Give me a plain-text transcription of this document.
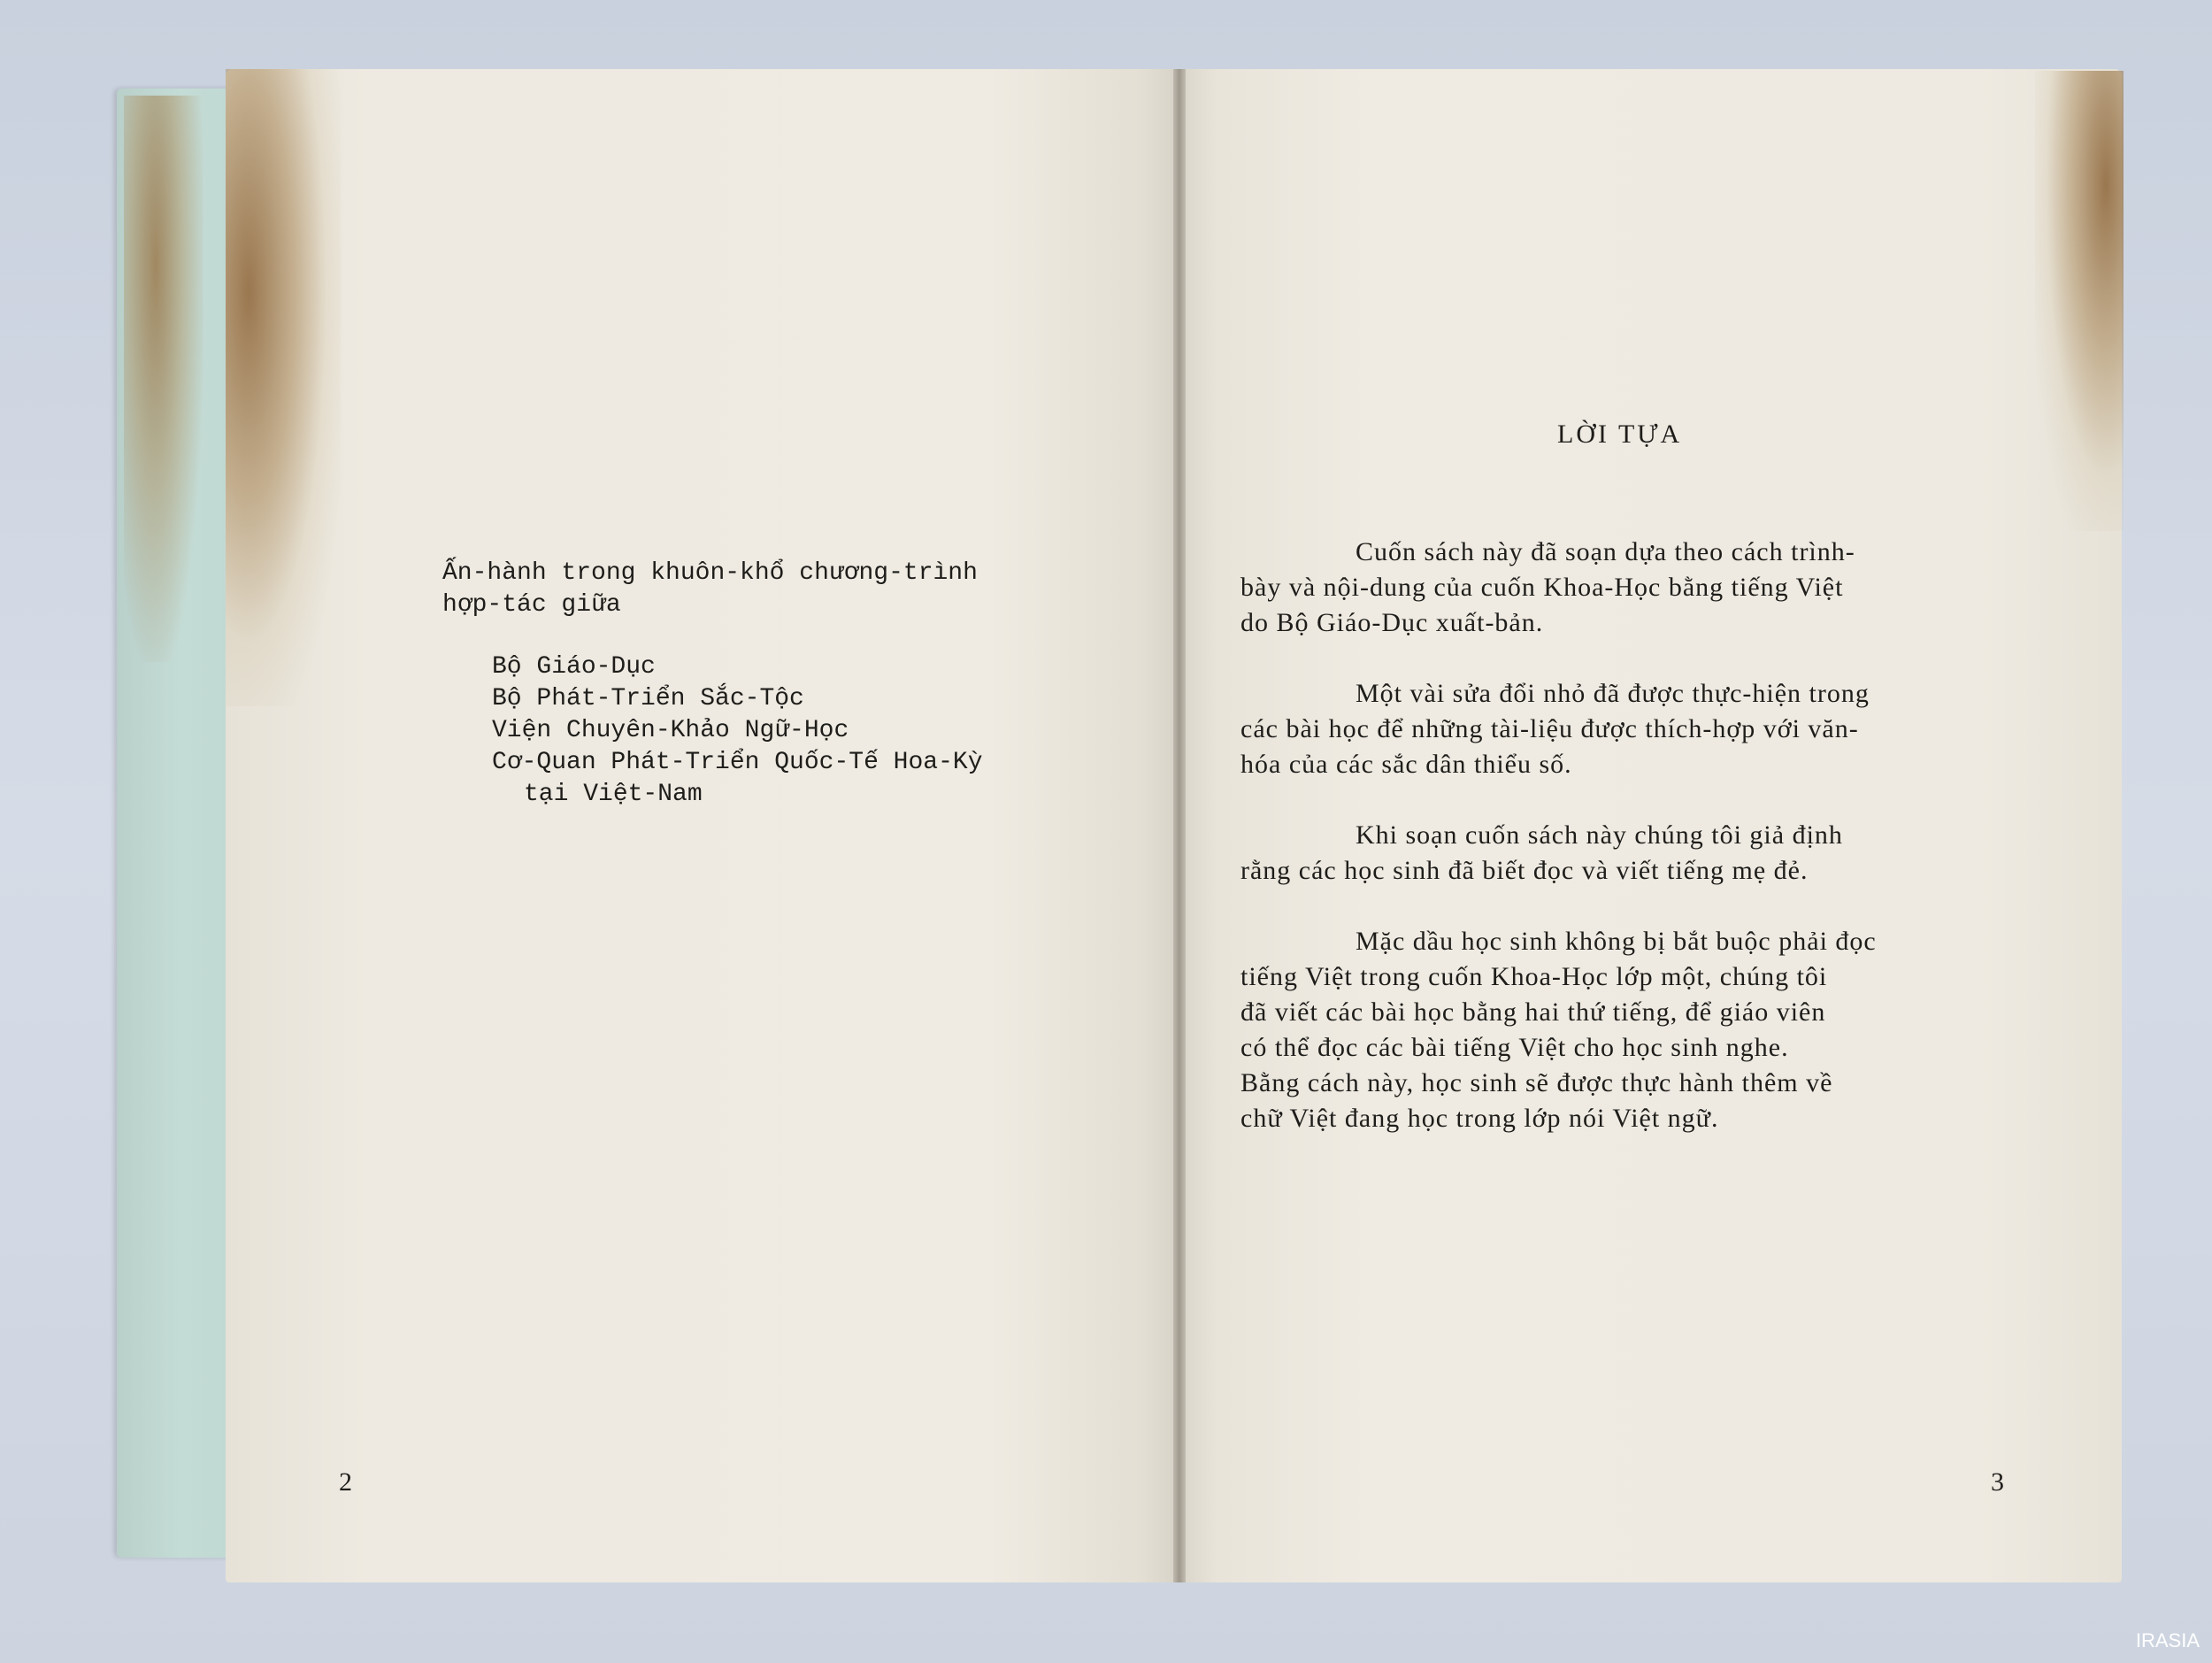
Ấn-hành trong khuôn-khổ chương-trình
hợp-tác giữa
Bộ Giáo-Dục
Bộ Phát-Triển Sắc-Tộc
Viện Chuyên-Khảo Ngữ-Học
Cơ-Quan Phát-Triển Quốc-Tế Hoa-Kỳ
tại Việt-Nam
2
LỜI TỰA
Cuốn sách này đã soạn dựa theo cách trình-
bày và nội-dung của cuốn Khoa-Học bằng tiếng Việt
do Bộ Giáo-Dục xuất-bản.
Một vài sửa đổi nhỏ đã được thực-hiện trong
các bài học để những tài-liệu được thích-hợp với văn-
hóa của các sắc dân thiểu số.
Khi soạn cuốn sách này chúng tôi giả định
rằng các học sinh đã biết đọc và viết tiếng mẹ đẻ.
Mặc dầu học sinh không bị bắt buộc phải đọc
tiếng Việt trong cuốn Khoa-Học lớp một, chúng tôi
đã viết các bài học bằng hai thứ tiếng, để giáo viên
có thể đọc các bài tiếng Việt cho học sinh nghe.
Bằng cách này, học sinh sẽ được thực hành thêm về
chữ Việt đang học trong lớp nói Việt ngữ.
3
IRASIA
